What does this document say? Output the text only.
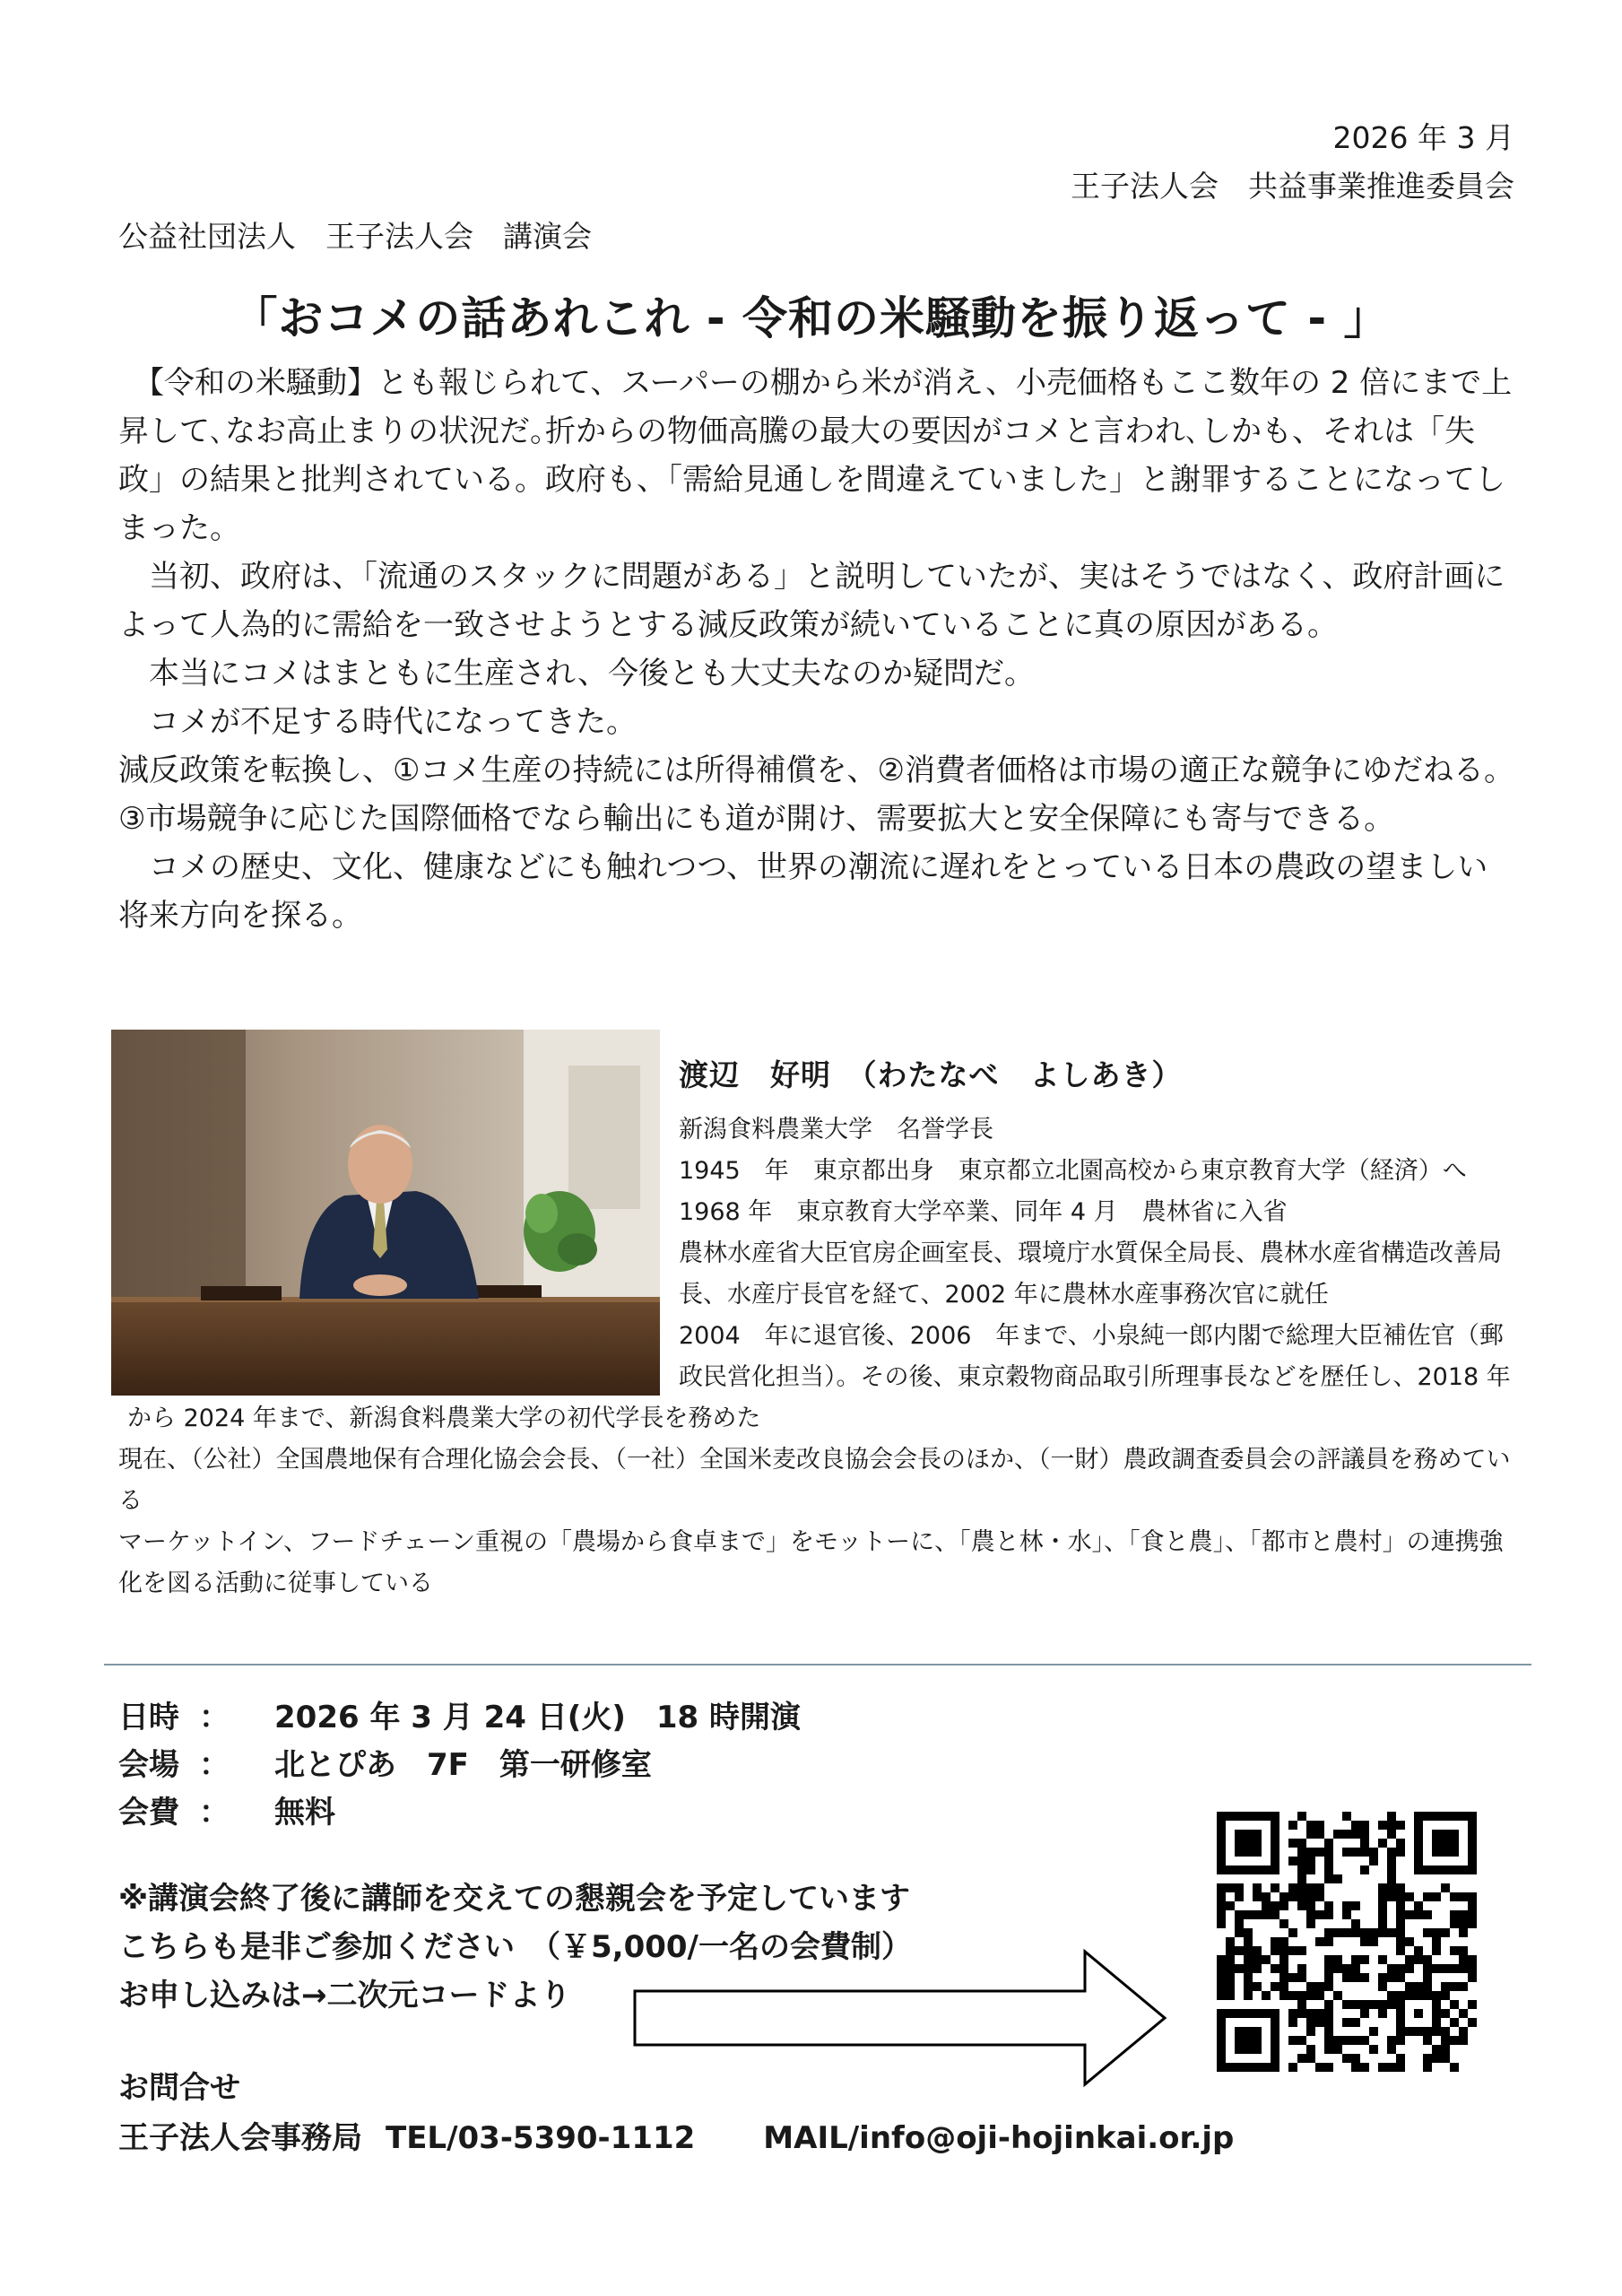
2026 年 3 月
王子法人会　共益事業推進委員会
公益社団法人　王子法人会　講演会
「おコメの話あれこれ - 令和の米騒動を振り返って - 」

　【令和の米騒動】とも報じられて、スーパーの棚から米が消え、小売価格もここ数年の 2 倍にまで上昇して､なお高止まりの状況だ｡折からの物価高騰の最大の要因がコメと言われ､しかも、それは「失政」の結果と批判されている。政府も、「需給見通しを間違えていました」と謝罪することになってしまった。

　当初、政府は、「流通のスタックに問題がある」と説明していたが、実はそうではなく、政府計画によって人為的に需給を一致させようとする減反政策が続いていることに真の原因がある。

　本当にコメはまともに生産され、今後とも大丈夫なのか疑問だ。

　コメが不足する時代になってきた。

減反政策を転換し、①コメ生産の持続には所得補償を、②消費者価格は市場の適正な競争にゆだねる。③市場競争に応じた国際価格でなら輸出にも道が開け、需要拡大と安全保障にも寄与できる。

　コメの歴史、文化、健康などにも触れつつ、世界の潮流に遅れをとっている日本の農政の望ましい将来方向を探る。

渡辺　好明　（わたなべ　よしあき）

新潟食料農業大学　名誉学長

1945　年　東京都出身　東京都立北園高校から東京教育大学（経済）へ

1968 年　東京教育大学卒業、同年 4 月　農林省に入省

農林水産省大臣官房企画室長、環境庁水質保全局長、農林水産省構造改善局長、水産庁長官を経て、2002 年に農林水産事務次官に就任

2004　年に退官後、2006　年まで、小泉純一郎内閣で総理大臣補佐官（郵政民営化担当）。その後、東京穀物商品取引所理事長などを歴任し、2018 年から 2024 年まで、新潟食料農業大学の初代学長を務めた

現在、（公社）全国農地保有合理化協会会長、（一社）全国米麦改良協会会長のほか、（一財）農政調査委員会の評議員を務めている

マーケットイン、フードチェーン重視の「農場から食卓まで」をモットーに、「農と林・水」、「食と農」、「都市と農村」の連携強化を図る活動に従事している

日時 ： 2026 年 3 月 24 日(火)　18 時開演
会場 ： 北とぴあ　7F　第一研修室
会費 ： 無料
※講演会終了後に講師を交えての懇親会を予定しています
こちらも是非ご参加ください　（￥5,000/一名の会費制）
お申し込みは→二次元コードより
お問合せ
王子法人会事務局 TEL/03-5390-1112 MAIL/info@oji-hojinkai.or.jp
